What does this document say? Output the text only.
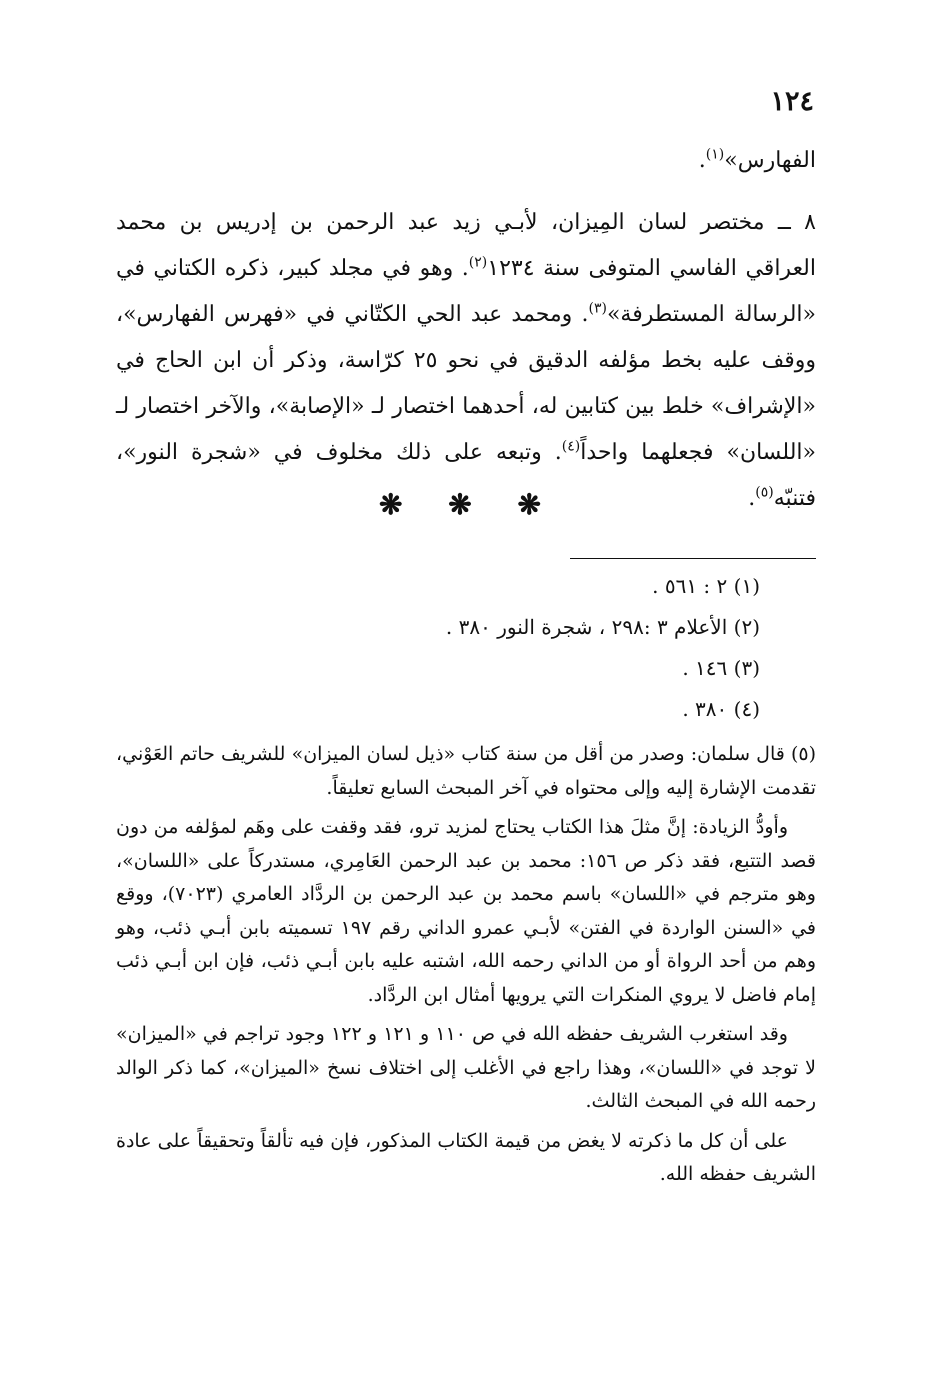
١٢٤

الفهارس»$^{(١)}$.

٨ ــ مختصر لسان المِيزان، لأبـي زيد عبد الرحمن بن إدريس بن محمد العراقي الفاسي المتوفى سنة ١٢٣٤$^{(٢)}$. وهو في مجلد كبير، ذكره الكتاني في «الرسالة المستطرفة»$^{(٣)}$. ومحمد عبد الحي الكتّاني في «فهرس الفهارس»، ووقف عليه بخط مؤلفه الدقيق في نحو ٢٥ كرّاسة، وذكر أن ابن الحاج في «الإشراف» خلط بين كتابين له، أحدهما اختصار لـ «الإصابة»، والآخر اختصار لـ «اللسان» فجعلهما واحداً$^{(٤)}$. وتبعه على ذلك مخلوف في «شجرة النور»، فتنبّه$^{(٥)}$.

❋ ❋ ❋
(١) ٢ : ٥٦١ .
(٢) الأعلام ٣ :٢٩٨ ، شجرة النور ٣٨٠ .
(٣) ١٤٦ .
(٤) ٣٨٠ .

(٥) قال سلمان: وصدر من أقل من سنة كتاب «ذيل لسان الميزان» للشريف حاتم العَوْني، تقدمت الإشارة إليه وإلى محتواه في آخر المبحث السابع تعليقاً.

وأودُّ الزيادة: إنَّ مثلَ هذا الكتاب يحتاج لمزيد ترو، فقد وقفت على وهَم لمؤلفه من دون قصد التتبع، فقد ذكر ص ١٥٦: محمد بن عبد الرحمن العَامِري، مستدركاً على «اللسان»، وهو مترجم في «اللسان» باسم محمد بن عبد الرحمن بن الردَّاد العامري (٧٠٢٣)، ووقع في «السنن الواردة في الفتن» لأبـي عمرو الداني رقم ١٩٧ تسميته بابن أبـي ذئب، وهو وهم من أحد الرواة أو من الداني رحمه الله، اشتبه عليه بابن أبـي ذئب، فإن ابن أبـي ذئب إمام فاضل لا يروي المنكرات التي يرويها أمثال ابن الردَّاد.

وقد استغرب الشريف حفظه الله في ص ١١٠ و ١٢١ و ١٢٢ وجود تراجم في «الميزان» لا توجد في «اللسان»، وهذا راجع في الأغلب إلى اختلاف نسخ «الميزان»، كما ذكر الوالد رحمه الله في المبحث الثالث.

على أن كل ما ذكرته لا يغض من قيمة الكتاب المذكور، فإن فيه تألقاً وتحقيقاً على عادة الشريف حفظه الله.
